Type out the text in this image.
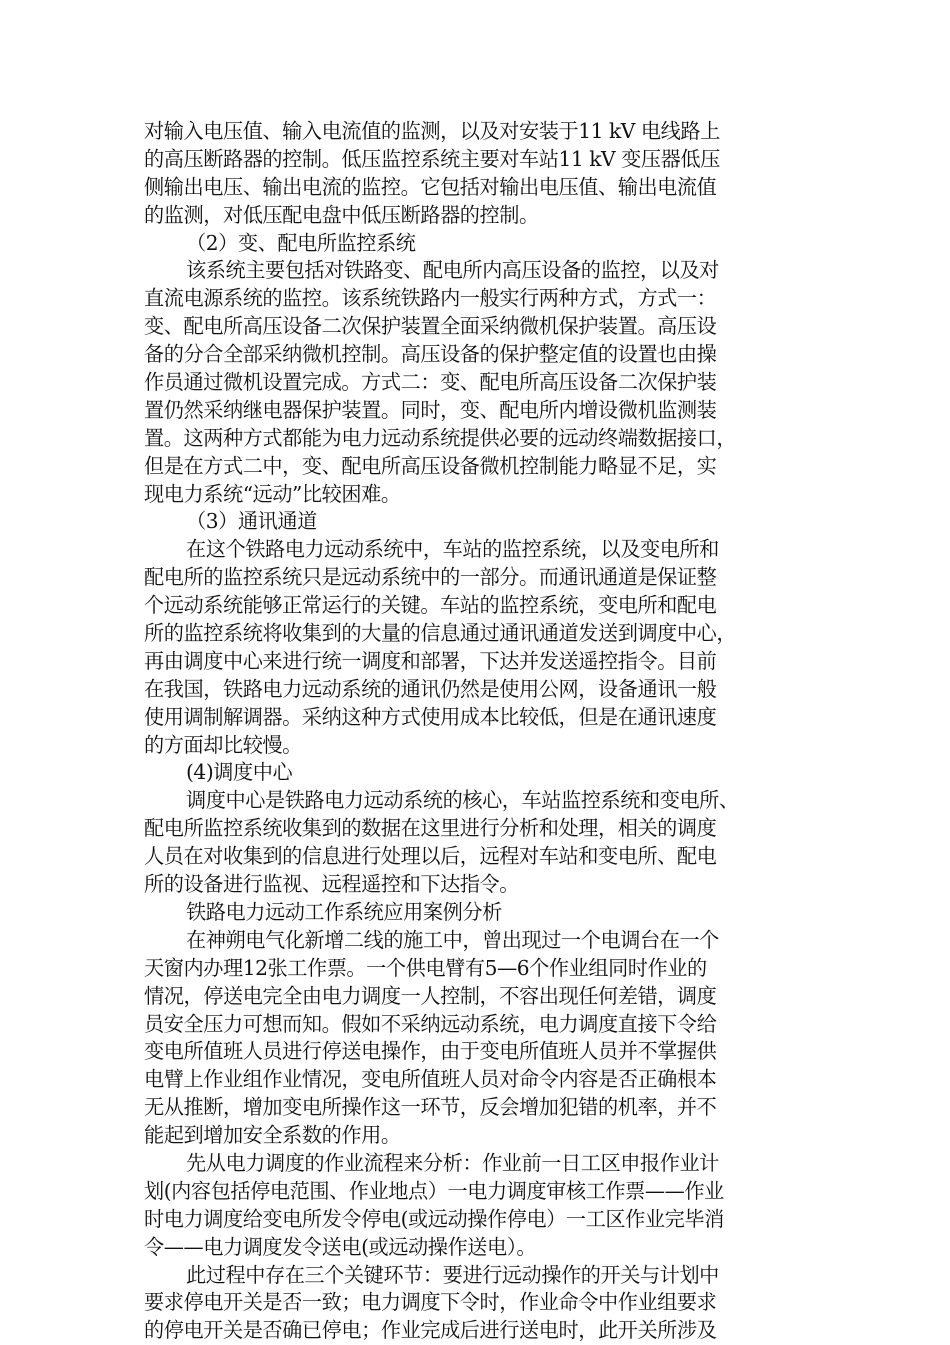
对输入电压值、输入电流值的监测，以及对安装于11 kV 电线路上
的高压断路器的控制。低压监控系统主要对车站11 kV 变压器低压
侧输出电压、输出电流的监控。它包括对输出电压值、输出电流值
的监测，对低压配电盘中低压断路器的控制。
（2）变、配电所监控系统
该系统主要包括对铁路变、配电所内高压设备的监控，以及对
直流电源系统的监控。该系统铁路内一般实行两种方式，方式一：
变、配电所高压设备二次保护装置全面采纳微机保护装置。高压设
备的分合全部采纳微机控制。高压设备的保护整定值的设置也由操
作员通过微机设置完成。方式二：变、配电所高压设备二次保护装
置仍然采纳继电器保护装置。同时，变、配电所内增设微机监测装
置。这两种方式都能为电力远动系统提供必要的远动终端数据接口，
但是在方式二中，变、配电所高压设备微机控制能力略显不足，实
现电力系统“远动”比较困难。
（3）通讯通道
在这个铁路电力远动系统中，车站的监控系统，以及变电所和
配电所的监控系统只是远动系统中的一部分。而通讯通道是保证整
个远动系统能够正常运行的关键。车站的监控系统，变电所和配电
所的监控系统将收集到的大量的信息通过通讯通道发送到调度中心，
再由调度中心来进行统一调度和部署，下达并发送遥控指令。目前
在我国，铁路电力远动系统的通讯仍然是使用公网，设备通讯一般
使用调制解调器。采纳这种方式使用成本比较低，但是在通讯速度
的方面却比较慢。
(4)调度中心
调度中心是铁路电力远动系统的核心，车站监控系统和变电所、
配电所监控系统收集到的数据在这里进行分析和处理，相关的调度
人员在对收集到的信息进行处理以后，远程对车站和变电所、配电
所的设备进行监视、远程遥控和下达指令。
铁路电力远动工作系统应用案例分析
在神朔电气化新增二线的施工中，曾出现过一个电调台在一个
天窗内办理12张工作票。一个供电臂有5—6个作业组同时作业的
情况，停送电完全由电力调度一人控制，不容出现任何差错，调度
员安全压力可想而知。假如不采纳远动系统，电力调度直接下令给
变电所值班人员进行停送电操作，由于变电所值班人员并不掌握供
电臂上作业组作业情况，变电所值班人员对命令内容是否正确根本
无从推断，增加变电所操作这一环节，反会增加犯错的机率，并不
能起到增加安全系数的作用。
先从电力调度的作业流程来分析：作业前一日工区申报作业计
划(内容包括停电范围、作业地点）一电力调度审核工作票——作业
时电力调度给变电所发令停电(或远动操作停电）一工区作业完毕消
令——电力调度发令送电(或远动操作送电）。
此过程中存在三个关键环节：要进行远动操作的开关与计划中
要求停电开关是否一致；电力调度下令时，作业命令中作业组要求
的停电开关是否确已停电；作业完成后进行送电时，此开关所涉及
